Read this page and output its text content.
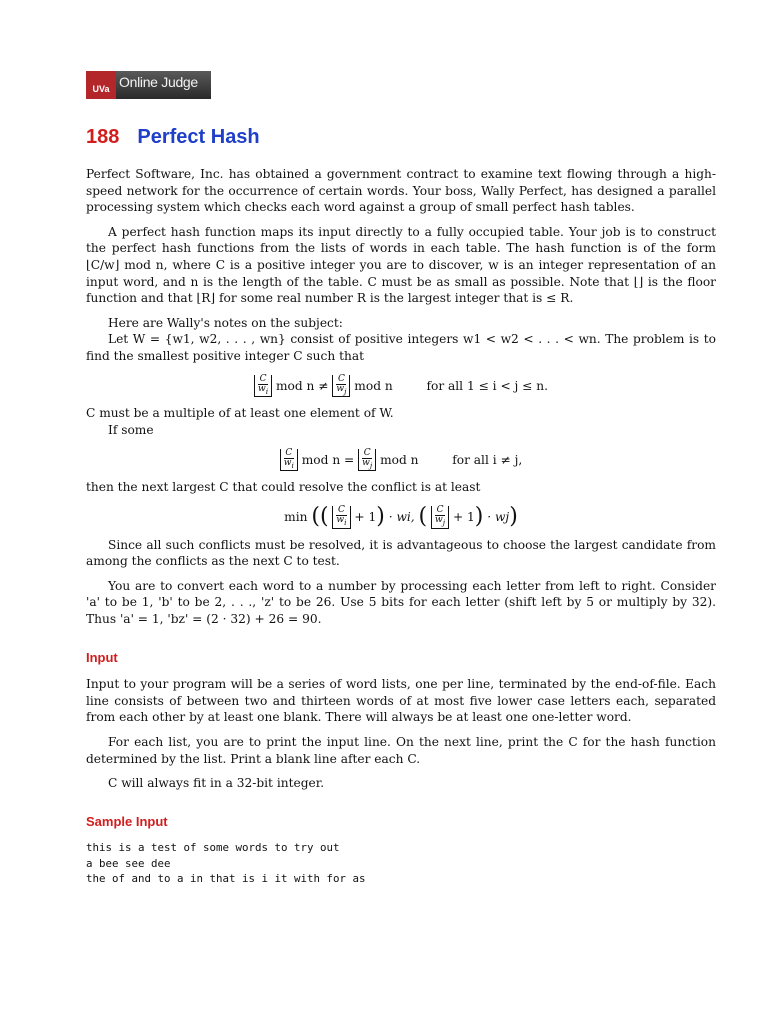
UVa Online Judge
188 Perfect Hash

Perfect Software, Inc. has obtained a government contract to examine text flowing through a high-speed network for the occurrence of certain words. Your boss, Wally Perfect, has designed a parallel processing system which checks each word against a group of small perfect hash tables.

A perfect hash function maps its input directly to a fully occupied table. Your job is to construct the perfect hash functions from the lists of words in each table. The hash function is of the form ⌊C/w⌋ mod n, where C is a positive integer you are to discover, w is an integer representation of an input word, and n is the length of the table. C must be as small as possible. Note that ⌊⌋ is the floor function and that ⌊R⌋ for some real number R is the largest integer that is ≤ R.

Here are Wally's notes on the subject:

Let W = {w1, w2, . . . , wn} consist of positive integers w1 < w2 < . . . < wn. The problem is to find the smallest positive integer C such that

$\frac{C}{w_i}$ mod $n \ne \frac{C}{w_j}$ mod n	for all 1 ≤ i < j ≤ n.

C must be a multiple of at least one element of W.

If some

$\frac{C}{w_i}$ mod $n = \frac{C}{w_j}$ mod n	for all i ≠ j,

then the next largest C that could resolve the conflict is at least

min (( $\frac{C}{w_i} + 1$) · wi, ( $\frac{C}{w_j} + 1) \cdot wj$)

Since all such conflicts must be resolved, it is advantageous to choose the largest candidate from among the conflicts as the next C to test.

You are to convert each word to a number by processing each letter from left to right. Consider 'a' to be 1, 'b' to be 2, . . ., 'z' to be 26. Use 5 bits for each letter (shift left by 5 or multiply by 32). Thus 'a' = 1, 'bz' = (2 · 32) + 26 = 90.

Input

Input to your program will be a series of word lists, one per line, terminated by the end-of-file. Each line consists of between two and thirteen words of at most five lower case letters each, separated from each other by at least one blank. There will always be at least one one-letter word.

For each list, you are to print the input line. On the next line, print the C for the hash function determined by the list. Print a blank line after each C.

C will always fit in a 32-bit integer.

Sample Input
this is a test of some words to try out
a bee see dee
the of and to a in that is i it with for as
